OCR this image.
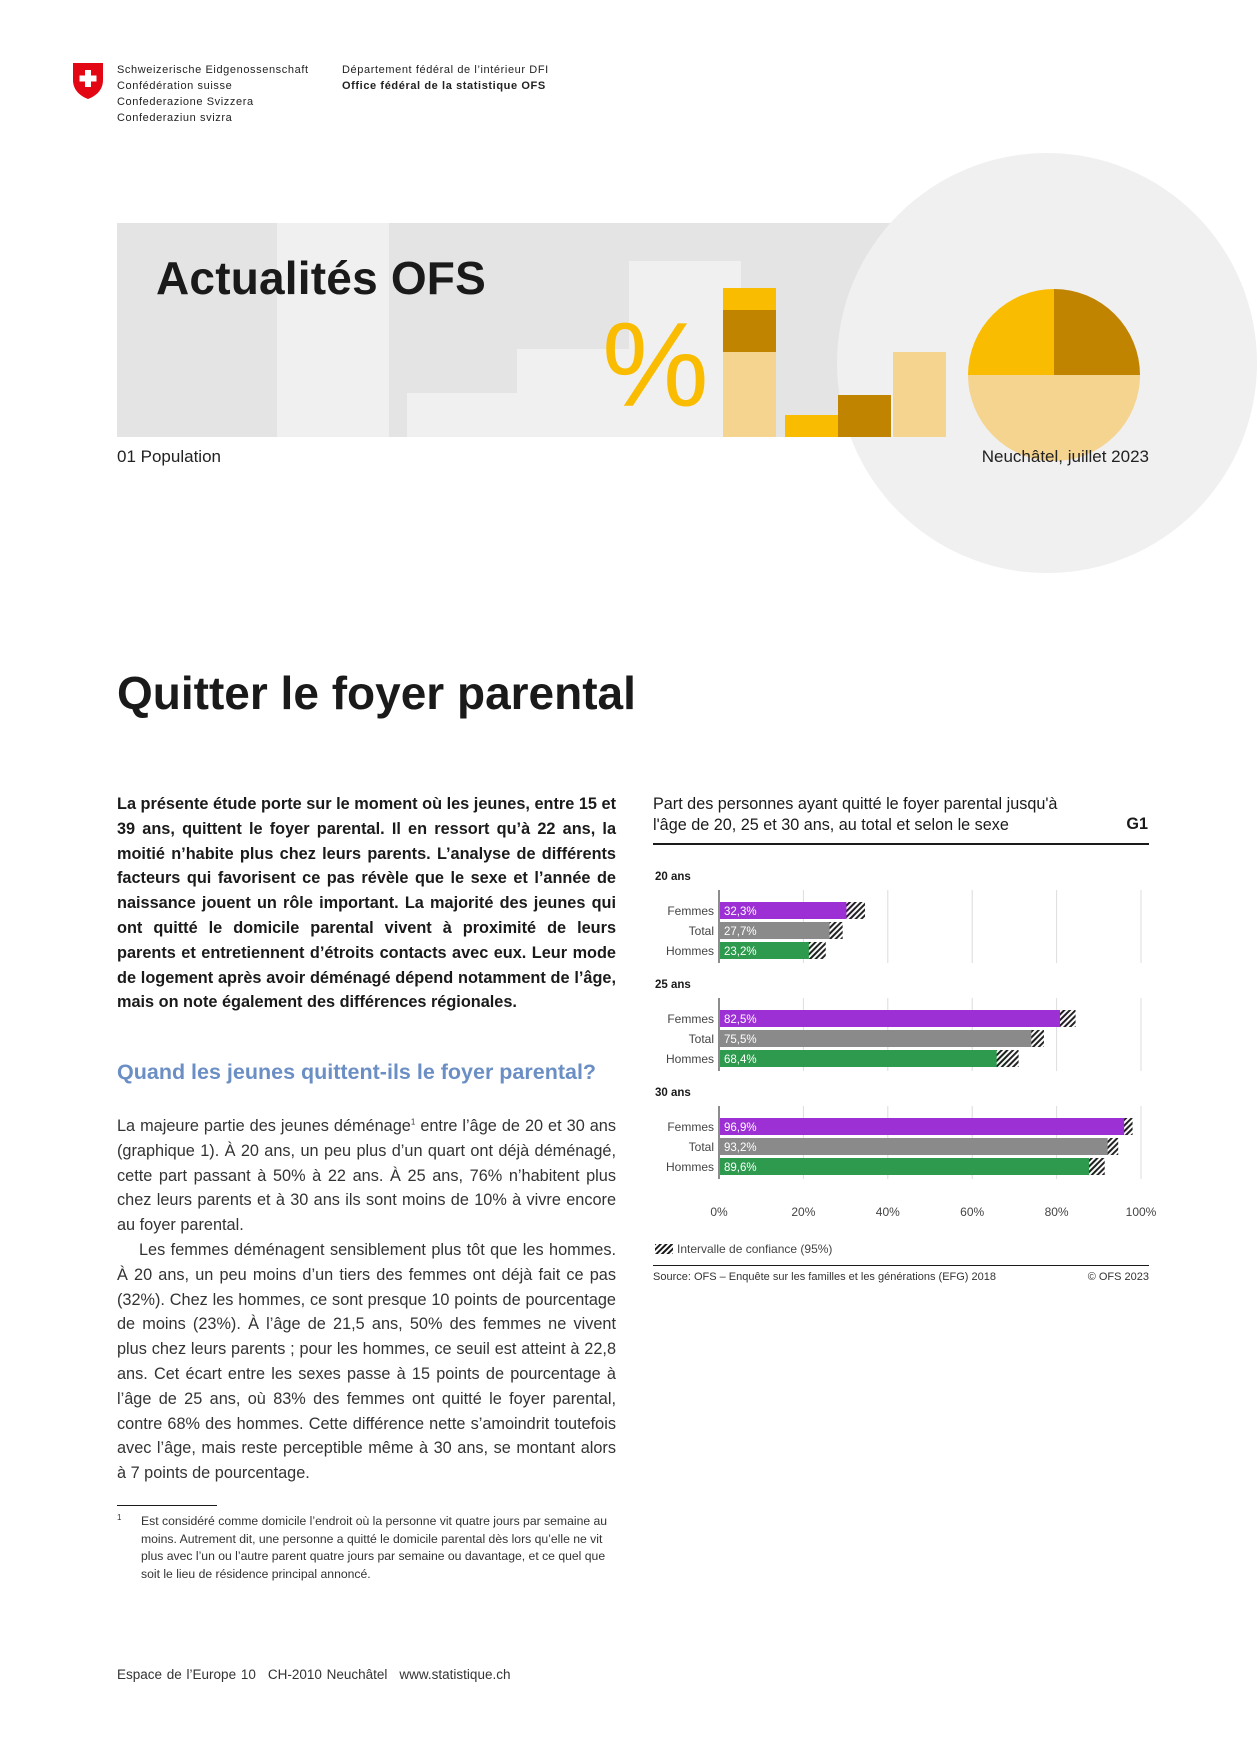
Schweizerische Eidgenossenschaft
Confédération suisse
Confederazione Svizzera
Confederaziun svizra
Département fédéral de l’intérieur DFI
Office fédéral de la statistique OFS
Actualités OFS
%
01 Population	Neuchâtel, juillet 2023
Quitter le foyer parental
La présente étude porte sur le moment où les jeunes, entre 15 et 39 ans, quittent le foyer parental. Il en ressort qu’à 22 ans, la moitié n’habite plus chez leurs parents. L’analyse de différents facteurs qui favorisent ce pas révèle que le sexe et l’année de naissance jouent un rôle important. La majorité des jeunes qui ont quitté le domicile parental vivent à proximité de leurs parents et entretiennent d’étroits contacts avec eux. Leur mode de logement après avoir déménagé dépend notamment de l’âge, mais on note également des différences régionales.
Quand les jeunes quittent-ils le foyer parental?

La majeure partie des jeunes déménage$^1$ entre l’âge de 20 et 30 ans (graphique 1). À 20 ans, un peu plus d’un quart ont déjà déménagé, cette part passant à 50% à 22 ans. À 25 ans, 76% n’habitent plus chez leurs parents et à 30 ans ils sont moins de 10% à vivre encore au foyer parental.

Les femmes déménagent sensiblement plus tôt que les hommes. À 20 ans, un peu moins d’un tiers des femmes ont déjà fait ce pas (32%). Chez les hommes, ce sont presque 10 points de pourcentage de moins (23%). À l’âge de 21,5 ans, 50% des femmes ne vivent plus chez leurs parents ; pour les hommes, ce seuil est atteint à 22,8 ans. Cet écart entre les sexes passe à 15 points de pourcentage à l’âge de 25 ans, où 83% des femmes ont quitté le foyer parental, contre 68% des hommes. Cette différence nette s’amoindrit toutefois avec l’âge, mais reste perceptible même à 30 ans, se montant alors à 7 points de pourcentage.

1 Est considéré comme domicile l’endroit où la personne vit quatre jours par semaine au moins. Autrement dit, une personne a quitté le domicile parental dès lors qu’elle ne vit plus avec l’un ou l’autre parent quatre jours par semaine ou davantage, et ce quel que soit le lieu de résidence principal annoncé.
Espace de l’Europe 10 CH-2010 Neuchâtel www.statistique.ch
Part des personnes ayant quitté le foyer parental jusqu'à l'âge de 20, 25 et 30 ans, au total et selon le sexe	G1
20 ans
Femmes 32,3%
Total 27,7%
Hommes 23,2%
25 ans
Femmes 82,5%
Total 75,5%
Hommes 68,4%
30 ans
Femmes 96,9%
Total 93,2%
Hommes 89,6%
0%	20%	40%	60%	80%	100%
Intervalle de confiance (95%)
Source: OFS – Enquête sur les familles et les générations (EFG) 2018	© OFS 2023
